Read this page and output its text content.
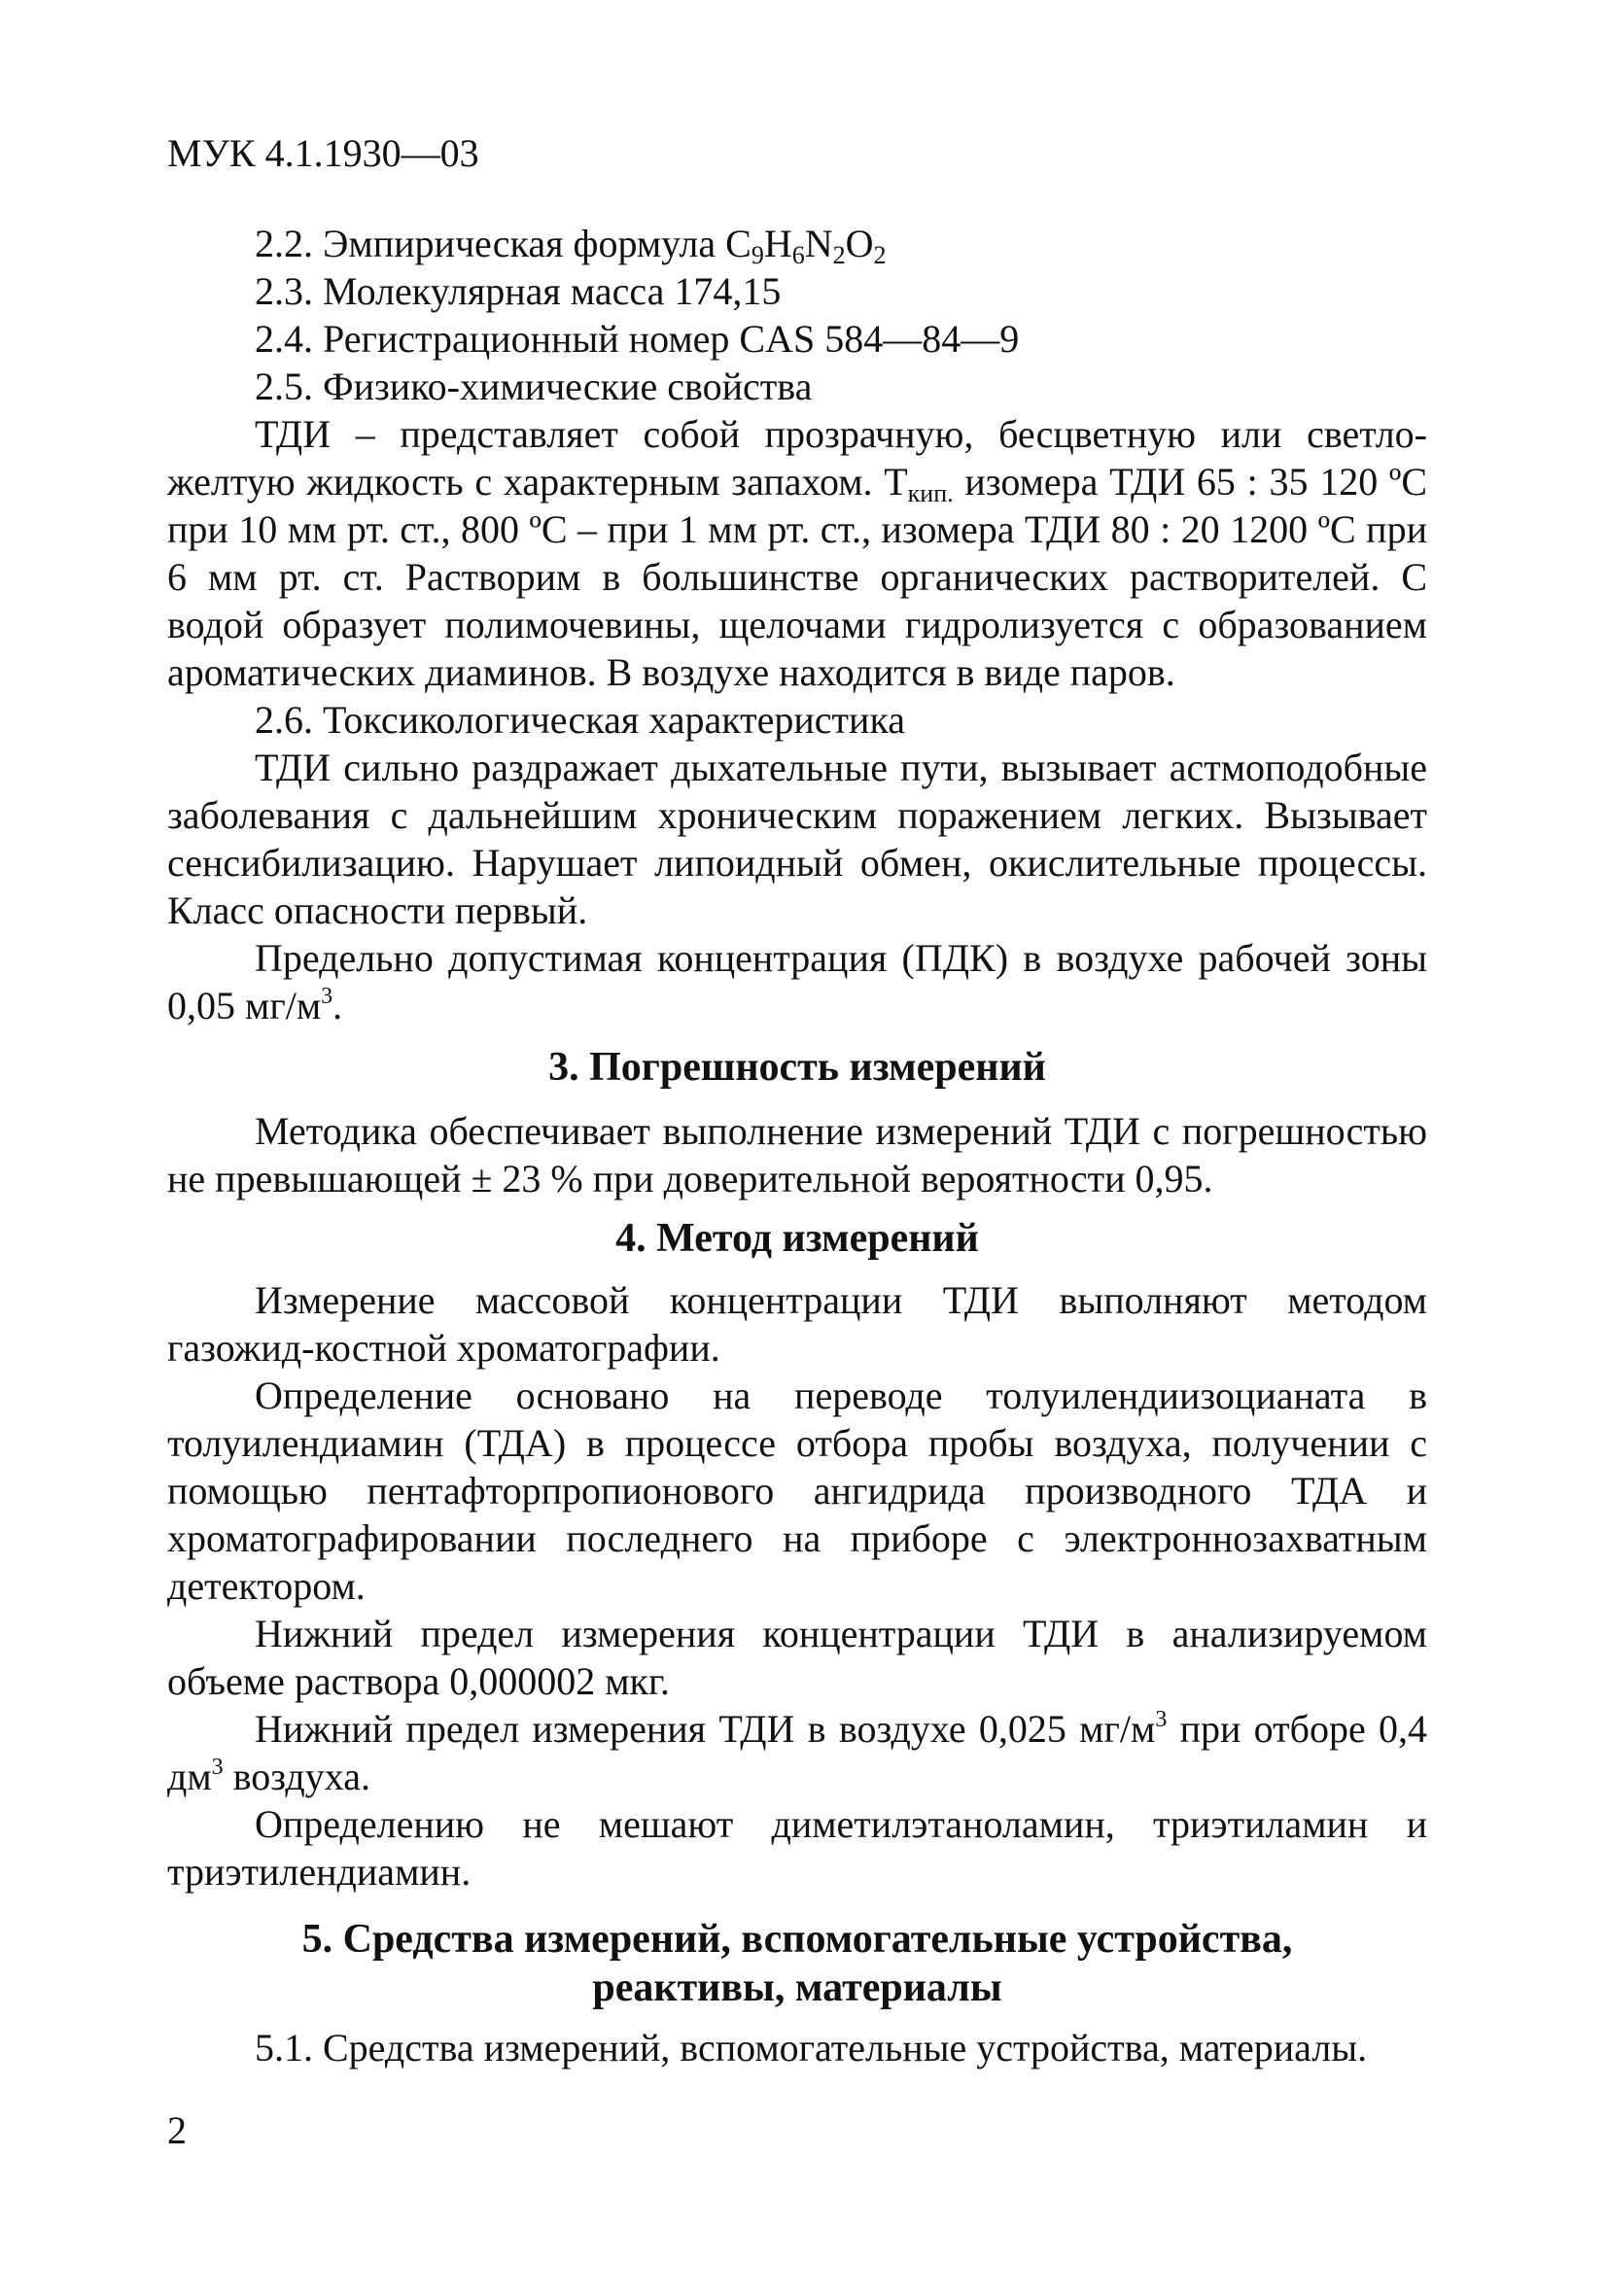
МУК 4.1.1930—03

2.2. Эмпирическая формула $C_9H_6N_2O_2$

2.3. Молекулярная масса 174,15

2.4. Регистрационный номер CAS 584—84—9

2.5. Физико-химические свойства

ТДИ – представляет собой прозрачную, бесцветную или светло-желтую жидкость с характерным запахом. $Т_{кип.}$ изомера ТДИ 65 : 35 120 ºС при 10 мм рт. ст., 800 ºС – при 1 мм рт. ст., изомера ТДИ 80 : 20 1200 ºС при 6 мм рт. ст. Растворим в большинстве органических растворителей. С водой образует полимочевины, щелочами гидролизуется с образованием ароматических диаминов. В воздухе находится в виде паров.

2.6. Токсикологическая характеристика

ТДИ сильно раздражает дыхательные пути, вызывает астмоподобные заболевания с дальнейшим хроническим поражением легких. Вызывает сенсибилизацию. Нарушает липоидный обмен, окислительные процессы. Класс опасности первый.

Предельно допустимая концентрация (ПДК) в воздухе рабочей зоны 0,05 $мг/м^3$.

3. Погрешность измерений

Методика обеспечивает выполнение измерений ТДИ с погрешностью не превышающей ± 23 % при доверительной вероятности 0,95.

4. Метод измерений

Измерение массовой концентрации ТДИ выполняют методом газожид-костной хроматографии.

Определение основано на переводе толуилендиизоцианата в толуилендиамин (ТДА) в процессе отбора пробы воздуха, получении с помощью пентафторпропионового ангидрида производного ТДА и хроматографировании последнего на приборе с электроннозахватным детектором.

Нижний предел измерения концентрации ТДИ в анализируемом объеме раствора 0,000002 мкг.

Нижний предел измерения ТДИ в воздухе 0,025 $мг/м^3$ при отборе 0,4 $дм^3$ воздуха.

Определению не мешают диметилэтаноламин, триэтиламин и триэтилендиамин.

5. Средства измерений, вспомогательные устройства,
реактивы, материалы

5.1. Средства измерений, вспомогательные устройства, материалы.

2
